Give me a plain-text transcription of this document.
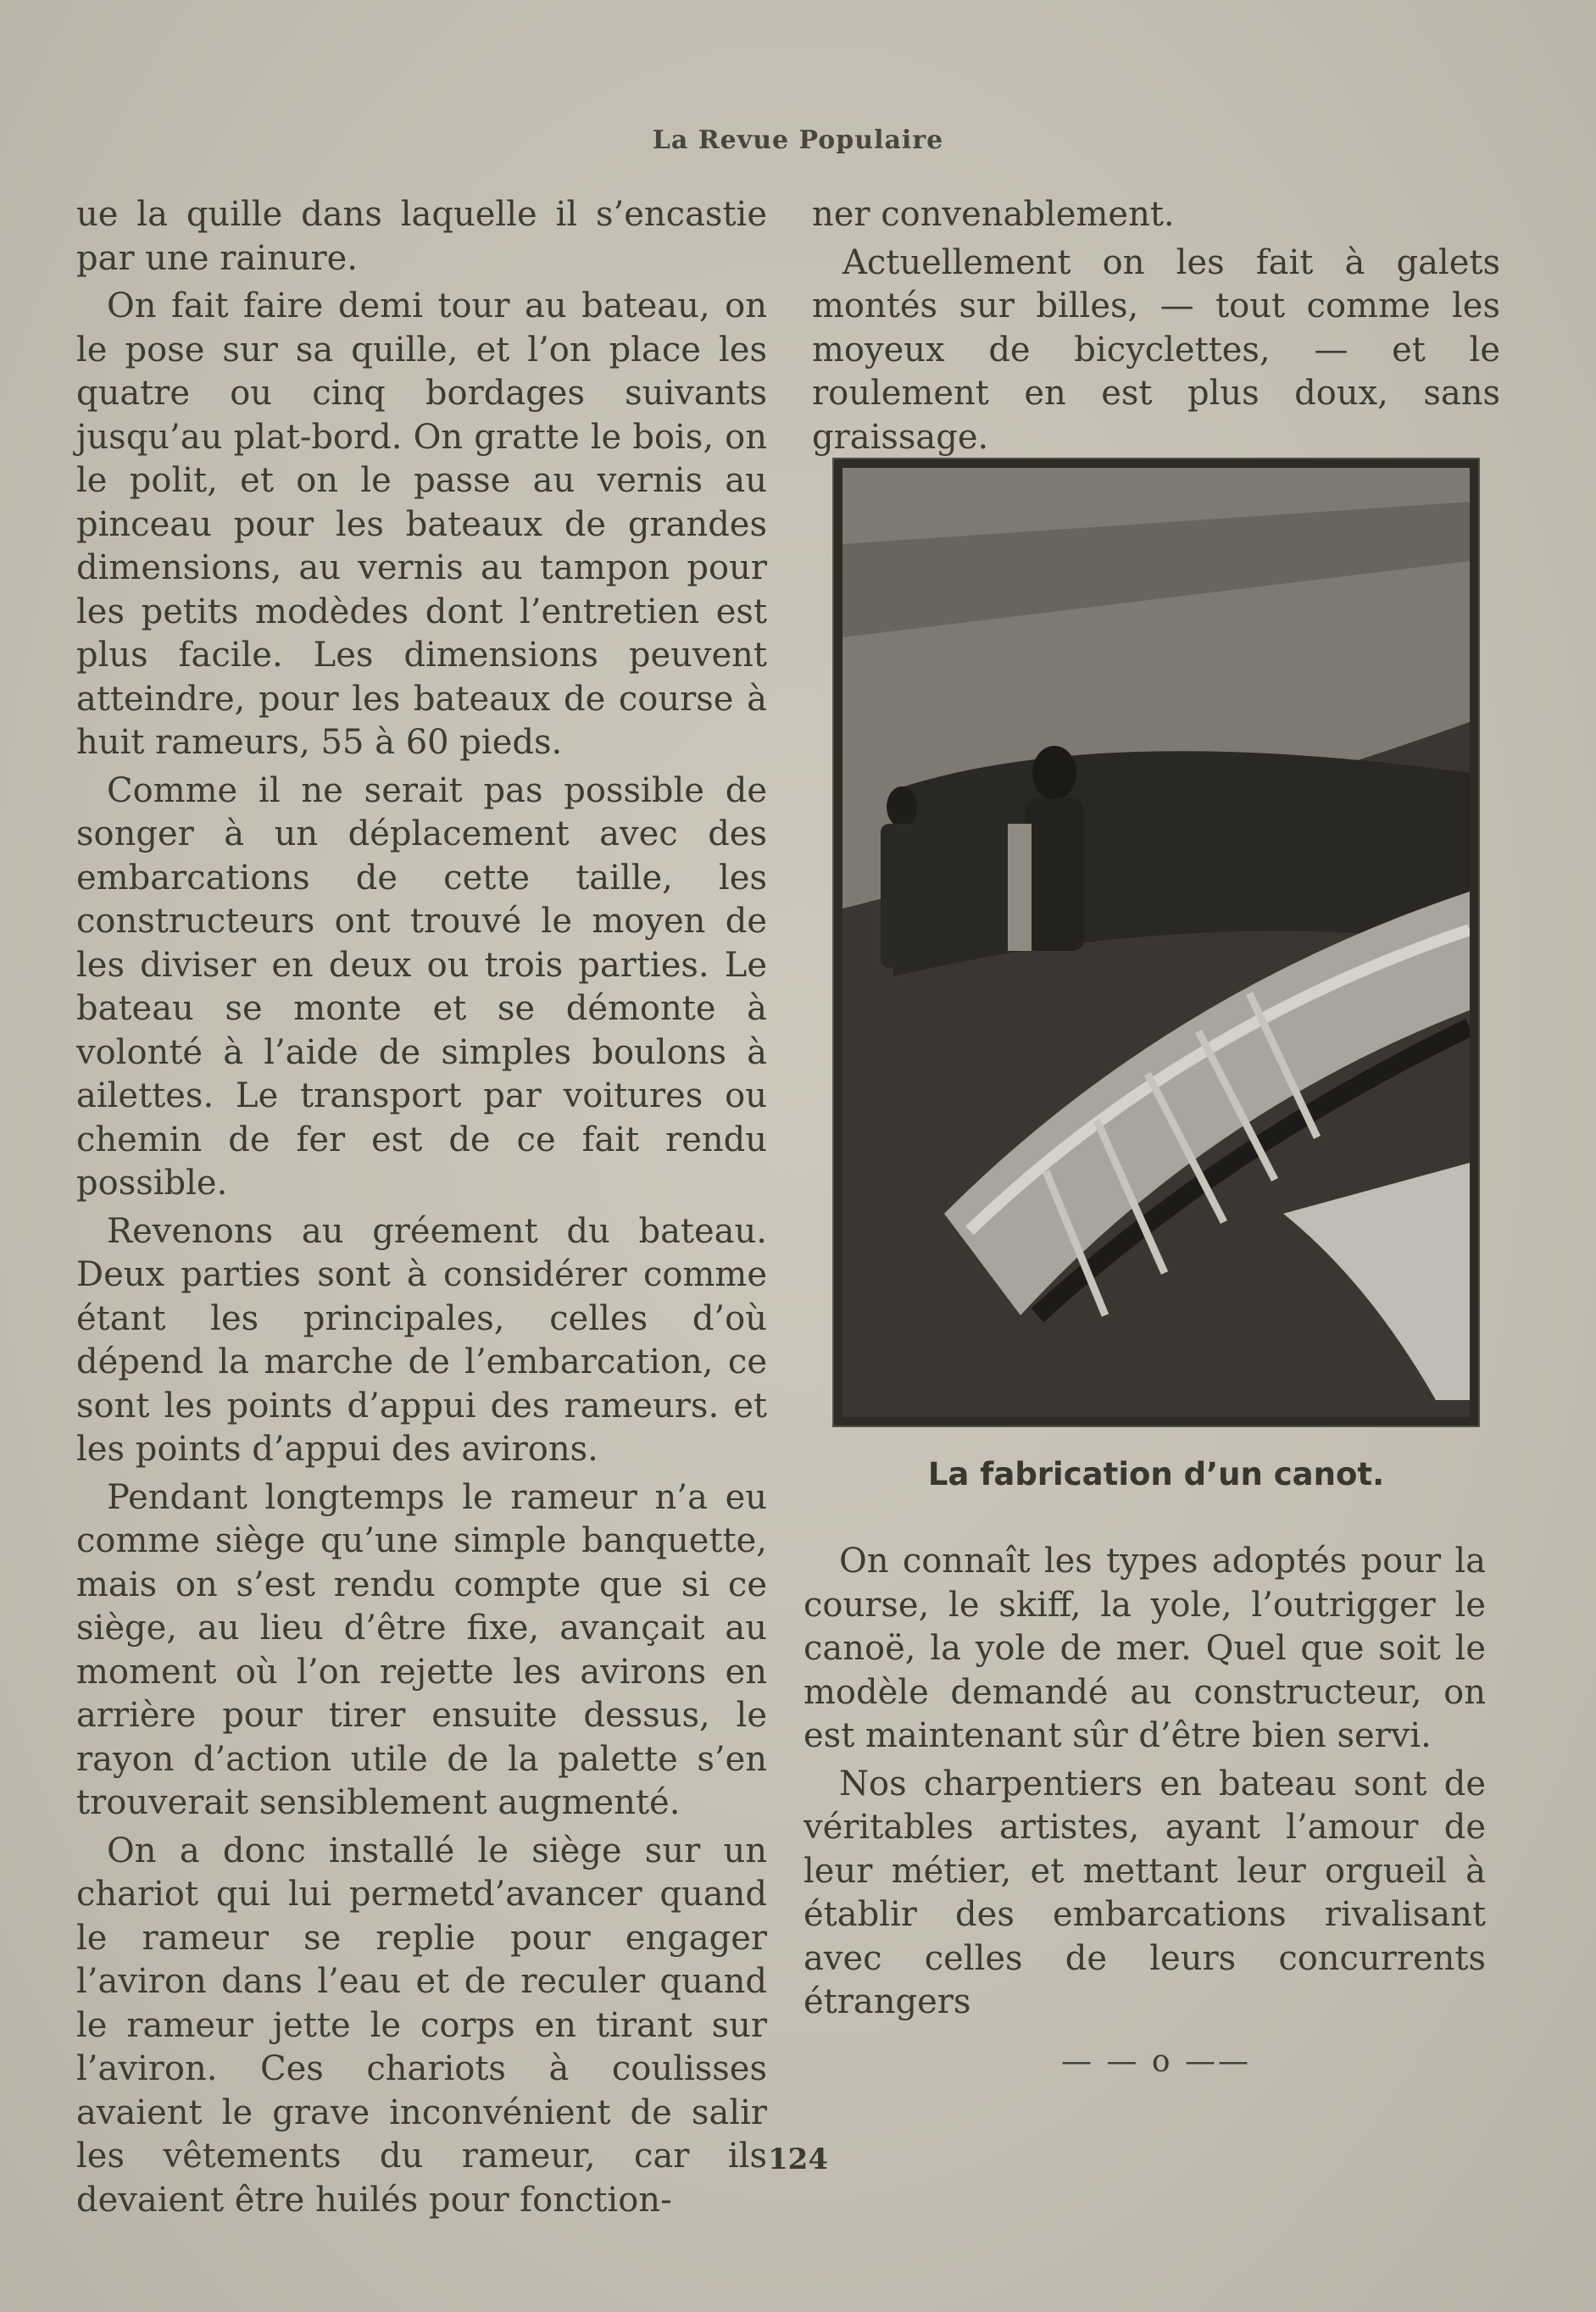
La Revue Populaire

ue la quille dans laquelle il s’encastie par une rainure.

On fait faire demi tour au bateau, on le pose sur sa quille, et l’on place les quatre ou cinq bordages suivants jusqu’au plat-bord. On gratte le bois, on le polit, et on le passe au vernis au pinceau pour les bateaux de grandes dimensions, au vernis au tampon pour les petits modèdes dont l’entretien est plus facile. Les dimensions peuvent atteindre, pour les bateaux de course à huit rameurs, 55 à 60 pieds.

Comme il ne serait pas possible de songer à un déplacement avec des embarcations de cette taille, les constructeurs ont trouvé le moyen de les diviser en deux ou trois parties. Le bateau se monte et se démonte à volonté à l’aide de simples boulons à ailettes. Le transport par voitures ou chemin de fer est de ce fait rendu possible.

Revenons au gréement du bateau. Deux parties sont à considérer comme étant les principales, celles d’où dépend la marche de l’embarcation, ce sont les points d’appui des rameurs. et les points d’appui des avirons.

Pendant longtemps le rameur n’a eu comme siège qu’une simple banquette, mais on s’est rendu compte que si ce siège, au lieu d’être fixe, avançait au moment où l’on rejette les avirons en arrière pour tirer ensuite dessus, le rayon d’action utile de la palette s’en trouverait sensiblement augmenté.

On a donc installé le siège sur un chariot qui lui permetd’avancer quand le rameur se replie pour engager l’aviron dans l’eau et de reculer quand le rameur jette le corps en tirant sur l’aviron. Ces chariots à coulisses avaient le grave inconvénient de salir les vêtements du rameur, car ils devaient être huilés pour fonction-

ner convenablement.

Actuellement on les fait à galets montés sur billes, — tout comme les moyeux de bicyclettes, — et le roulement en est plus doux, sans graissage.

La fabrication d’un canot.

On connaît les types adoptés pour la course, le skiff, la yole, l’outrigger le canoë, la yole de mer. Quel que soit le modèle demandé au constructeur, on est maintenant sûr d’être bien servi.

Nos charpentiers en bateau sont de véritables artistes, ayant l’amour de leur métier, et mettant leur orgueil à établir des embarcations rivalisant avec celles de leurs concurrents étrangers

— — o ——
124
